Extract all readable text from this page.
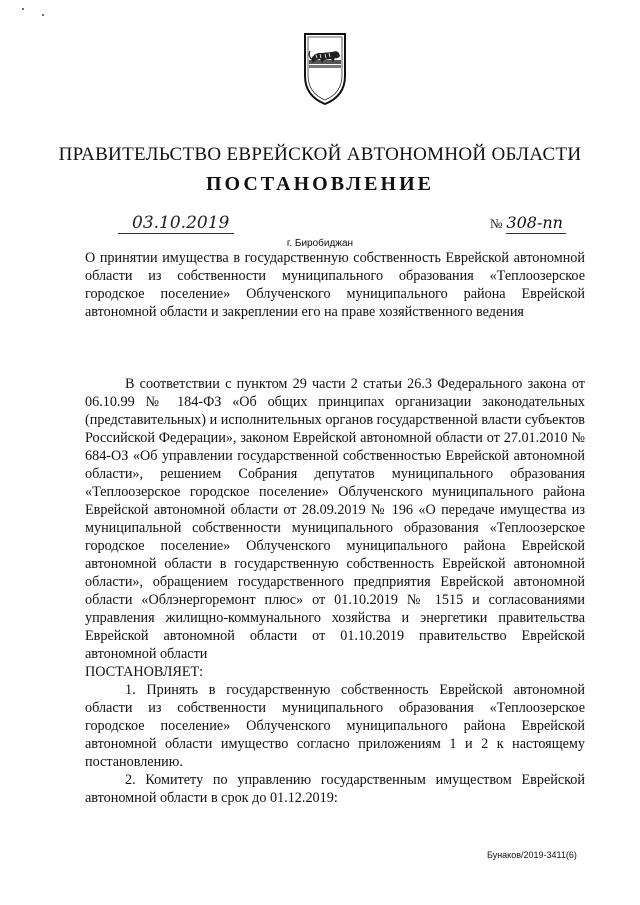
ПРАВИТЕЛЬСТВО ЕВРЕЙСКОЙ АВТОНОМНОЙ ОБЛАСТИ
ПОСТАНОВЛЕНИЕ
03.10.2019	№ 308-пп
г. Биробиджан
О принятии имущества в государственную собственность Еврейской автономной области из собственности муниципального образования «Теплоозерское городское поселение» Облученского муниципального района Еврейской автономной области и закреплении его на праве хозяйственного ведения

В соответствии с пунктом 29 части 2 статьи 26.3 Федерального закона от 06.10.99 № 184-ФЗ «Об общих принципах организации законодательных (представительных) и исполнительных органов государственной власти субъектов Российской Федерации», законом Еврейской автономной области от 27.01.2010 № 684-ОЗ «Об управлении государственной собственностью Еврейской автономной области», решением Собрания депутатов муниципального образования «Теплоозерское городское поселение» Облученского муниципального района Еврейской автономной области от 28.09.2019 № 196 «О передаче имущества из муниципальной собственности муниципального образования «Теплоозерское городское поселение» Облученского муниципального района Еврейской автономной области в государственную собственность Еврейской автономной области», обращением государственного предприятия Еврейской автономной области «Облэнергоремонт плюс» от 01.10.2019 № 1515 и согласованиями управления жилищно-коммунального хозяйства и энергетики правительства Еврейской автономной области от 01.10.2019 правительство Еврейской автономной области

ПОСТАНОВЛЯЕТ:

1. Принять в государственную собственность Еврейской автономной области из собственности муниципального образования «Теплоозерское городское поселение» Облученского муниципального района Еврейской автономной области имущество согласно приложениям 1 и 2 к настоящему постановлению.

2. Комитету по управлению государственным имуществом Еврейской автономной области в срок до 01.12.2019:

Бунаков/2019-3411(6)
